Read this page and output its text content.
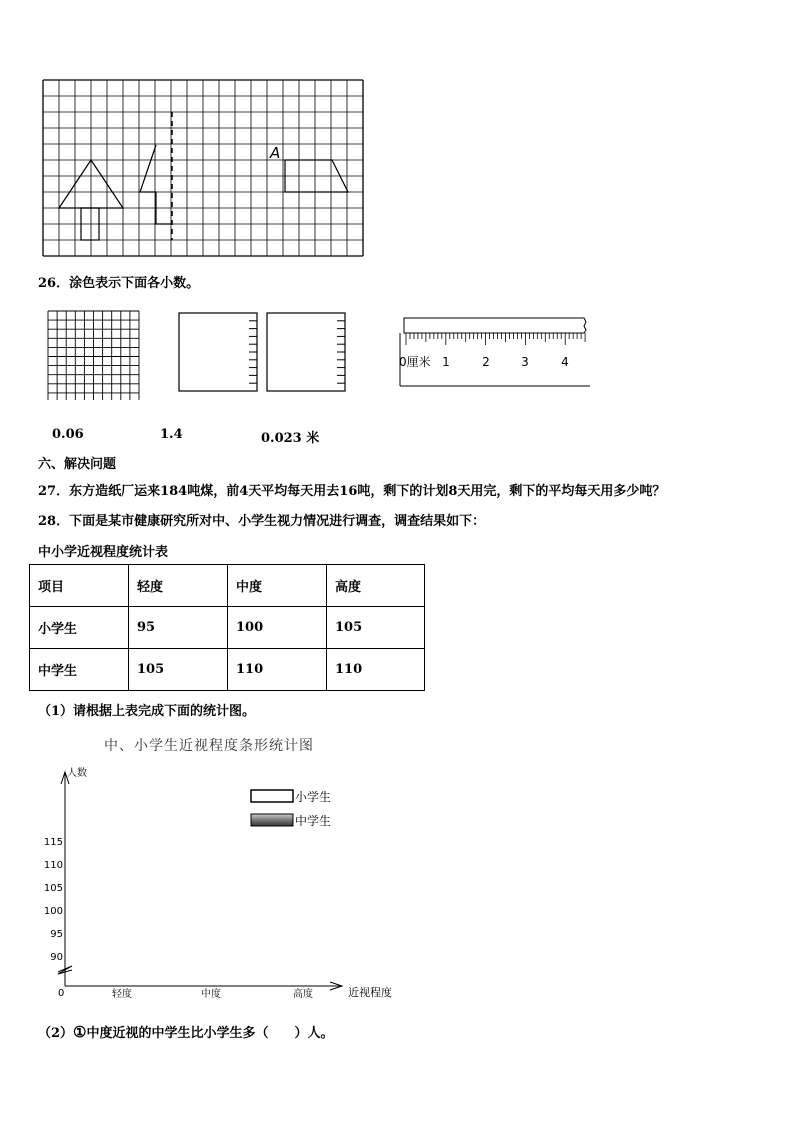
A
26．涂色表示下面各小数。
0厘米 1	2	3	4
0.06	1.4	0.023 米
六、解决问题
27．东方造纸厂运来184吨煤，前4天平均每天用去16吨，剩下的计划8天用完，剩下的平均每天用多少吨？
28．下面是某市健康研究所对中、小学生视力情况进行调查，调查结果如下：
中小学近视程度统计表
项目	轻度	中度	高度
小学生	95	100	105
中学生	105	110	110
（1）请根据上表完成下面的统计图。
中、小学生近视程度条形统计图
人数
近视程度
0
90
95
100
105
110
115
轻度	中度	高度
小学生
中学生
（2）①中度近视的中学生比小学生多（　　）人。
